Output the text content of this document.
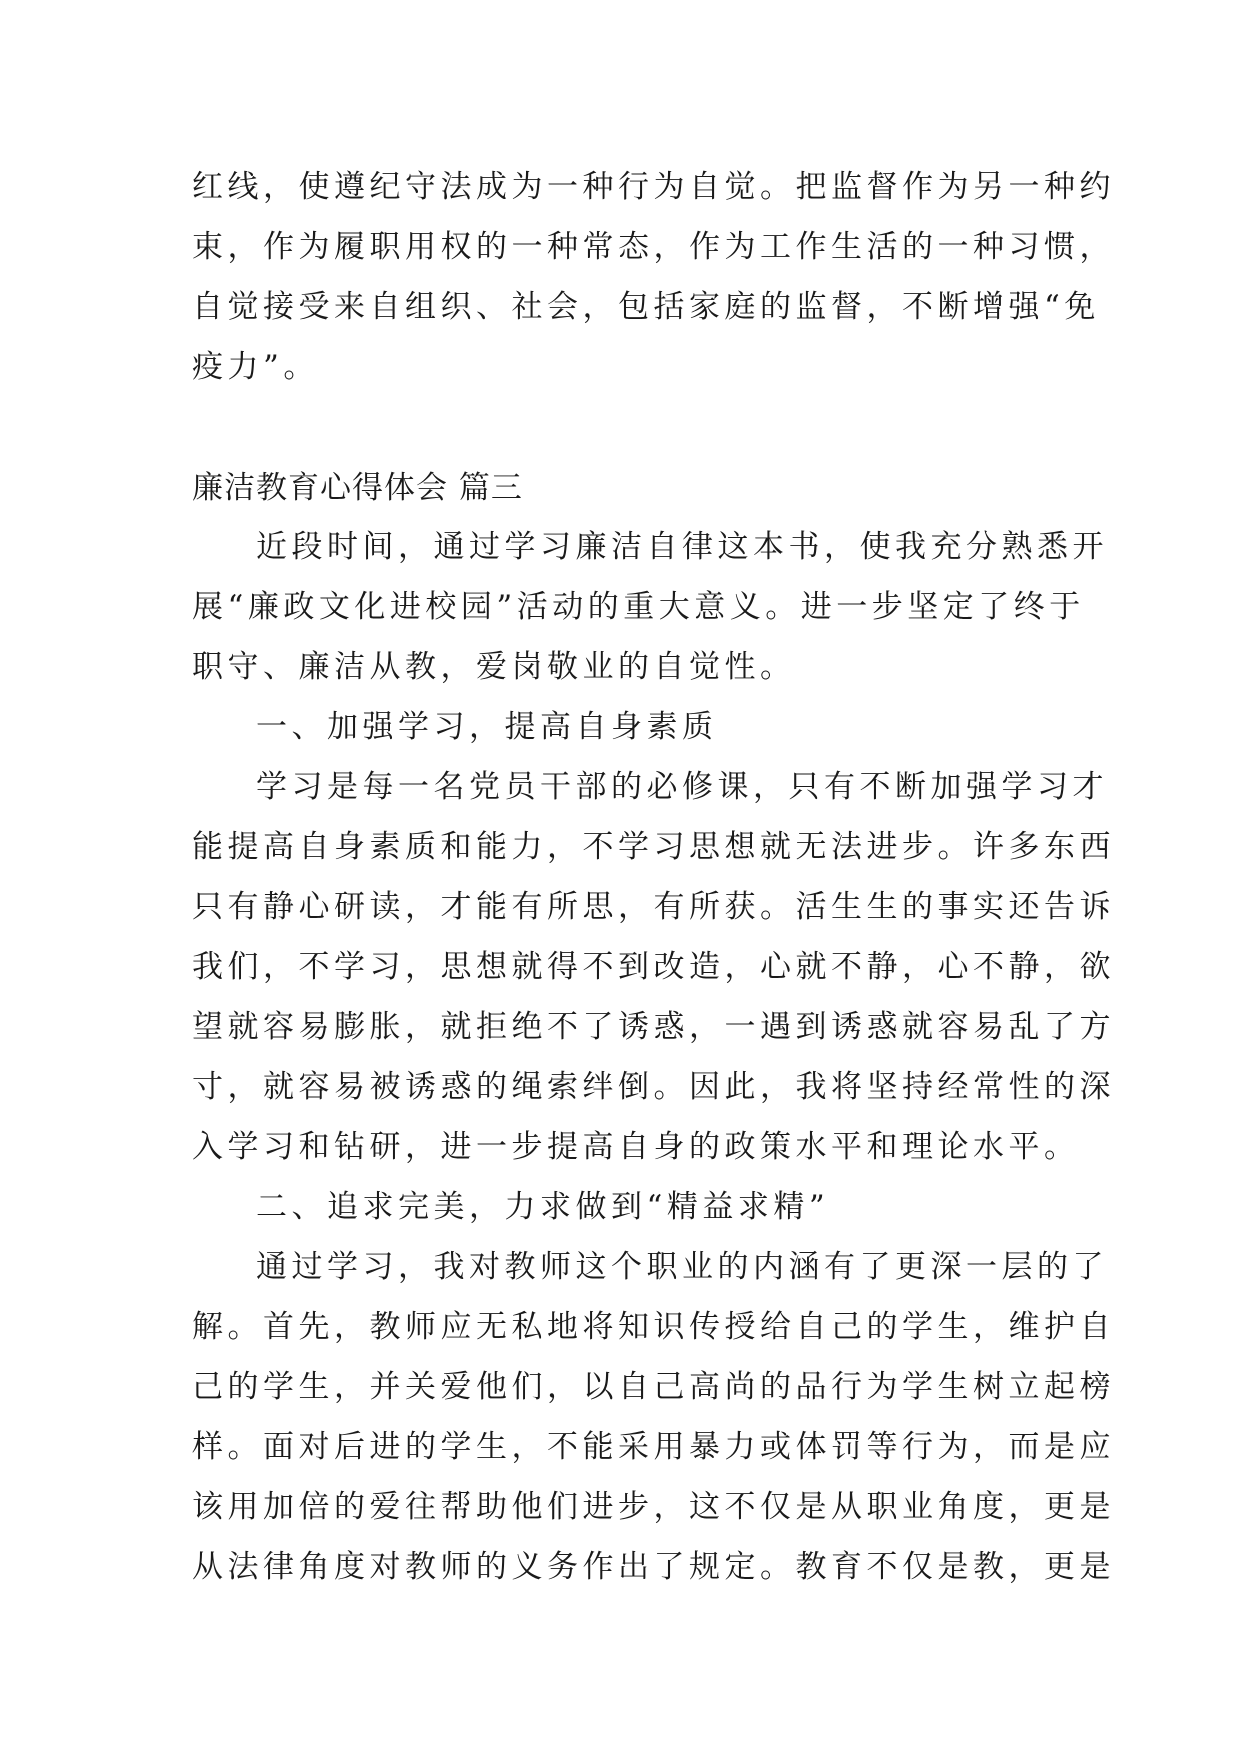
红线，使遵纪守法成为一种行为自觉。把监督作为另一种约

束，作为履职用权的一种常态，作为工作生活的一种习惯，

自觉接受来自组织、社会，包括家庭的监督，不断增强“免

疫力”。

廉洁教育心得体会 篇三

近段时间，通过学习廉洁自律这本书，使我充分熟悉开

展“廉政文化进校园”活动的重大意义。进一步坚定了终于

职守、廉洁从教，爱岗敬业的自觉性。

一、加强学习，提高自身素质

学习是每一名党员干部的必修课，只有不断加强学习才

能提高自身素质和能力，不学习思想就无法进步。许多东西

只有静心研读，才能有所思，有所获。活生生的事实还告诉

我们，不学习，思想就得不到改造，心就不静，心不静，欲

望就容易膨胀，就拒绝不了诱惑，一遇到诱惑就容易乱了方

寸，就容易被诱惑的绳索绊倒。因此，我将坚持经常性的深

入学习和钻研，进一步提高自身的政策水平和理论水平。

二、追求完美，力求做到“精益求精”

通过学习，我对教师这个职业的内涵有了更深一层的了

解。首先，教师应无私地将知识传授给自己的学生，维护自

己的学生，并关爱他们，以自己高尚的品行为学生树立起榜

样。面对后进的学生，不能采用暴力或体罚等行为，而是应

该用加倍的爱往帮助他们进步，这不仅是从职业角度，更是

从法律角度对教师的义务作出了规定。教育不仅是教，更是
